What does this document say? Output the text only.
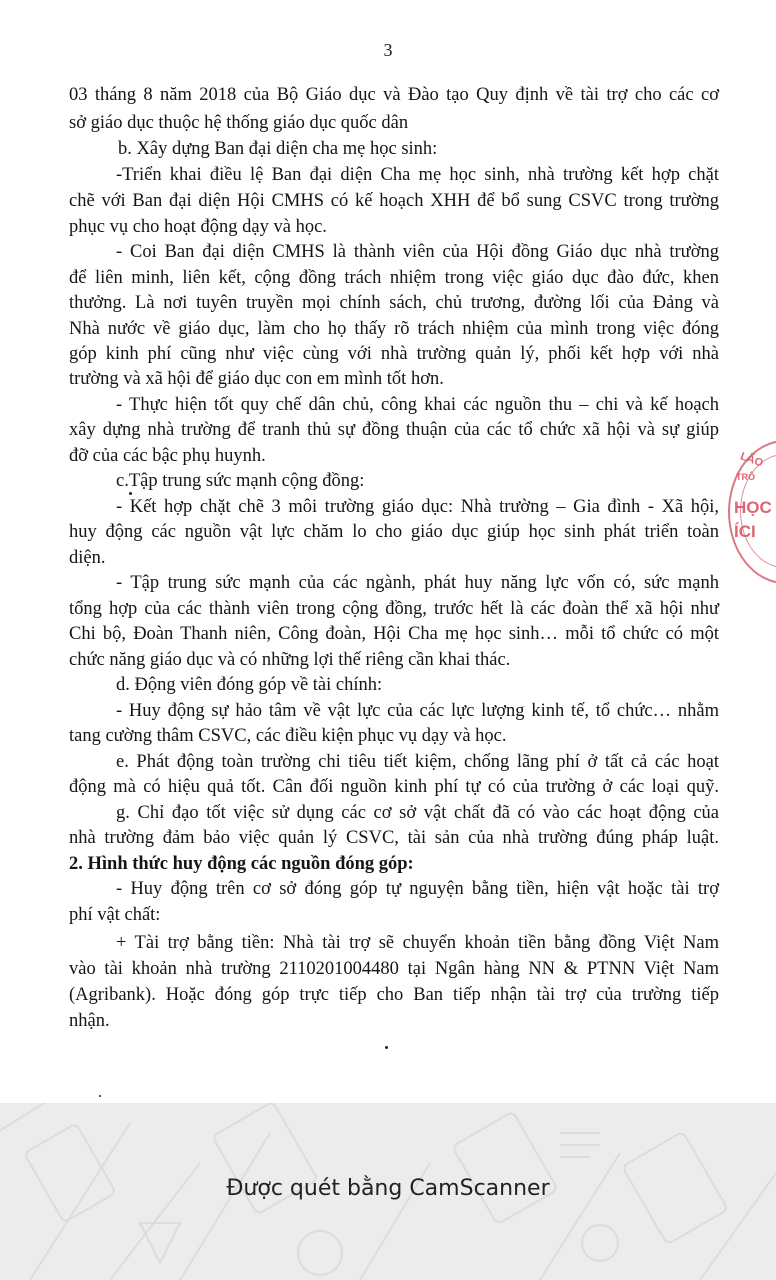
3
03 tháng 8 năm 2018 của Bộ Giáo dục và Đào tạo Quy định về tài trợ cho các cơ
sở giáo dục thuộc hệ thống giáo dục quốc dân
b. Xây dựng Ban đại diện cha mẹ học sinh:
-Triển khai điều lệ Ban đại diện Cha mẹ học sinh, nhà trường kết hợp chặt
chẽ với Ban đại diện Hội CMHS có kế hoạch XHH để bổ sung CSVC trong trường
phục vụ cho hoạt động dạy và học.
- Coi Ban đại diện CMHS là thành viên của Hội đồng Giáo dục nhà trường
để liên minh, liên kết, cộng đồng trách nhiệm trong việc giáo dục đào đức, khen
thưởng. Là nơi tuyên truyền mọi chính sách, chủ trương, đường lối của Đảng và
Nhà nước về giáo dục, làm cho họ thấy rõ trách nhiệm của mình trong việc đóng
góp kinh phí cũng như việc cùng với nhà trường quản lý, phối kết hợp với nhà
trường và xã hội để giáo dục con em mình tốt hơn.
- Thực hiện tốt quy chế dân chủ, công khai các nguồn thu – chi và kế hoạch
xây dựng nhà trường để tranh thủ sự đồng thuận của các tổ chức xã hội và sự giúp
đỡ của các bậc phụ huynh.
c.Tập trung sức mạnh cộng đồng:
- Kết hợp chặt chẽ 3 môi trường giáo dục: Nhà trường – Gia đình - Xã hội,
huy động các nguồn vật lực chăm lo cho giáo dục giúp học sinh phát triển toàn
diện.
- Tập trung sức mạnh của các ngành, phát huy năng lực vốn có, sức mạnh
tổng hợp của các thành viên trong cộng đồng, trước hết là các đoàn thể xã hội như
Chi bộ, Đoàn Thanh niên, Công đoàn, Hội Cha mẹ học sinh… mỗi tổ chức có một
chức năng giáo dục và có những lợi thế riêng cần khai thác.
d. Động viên đóng góp về tài chính:
- Huy động sự hảo tâm về vật lực của các lực lượng kinh tế, tổ chức… nhằm
tang cường thâm CSVC, các điều kiện phục vụ dạy và học.
e. Phát động toàn trường chi tiêu tiết kiệm, chống lãng phí ở tất cả các hoạt
động mà có hiệu quả tốt. Cân đối nguồn kinh phí tự có của trường ở các loại quỹ.
g. Chỉ đạo tốt việc sử dụng các cơ sở vật chất đã có vào các hoạt động của
nhà trường đảm bảo việc quản lý CSVC, tài sản của nhà trường đúng pháp luật.
2. Hình thức huy động các nguồn đóng góp:
- Huy động trên cơ sở đóng góp tự nguyện bằng tiền, hiện vật hoặc tài trợ
phí vật chất:
+ Tài trợ bằng tiền: Nhà tài trợ sẽ chuyển khoản tiền bằng đồng Việt Nam
vào tài khoản nhà trường 2110201004480 tại Ngân hàng NN & PTNN Việt Nam
(Agribank). Hoặc đóng góp trực tiếp cho Ban tiếp nhận tài trợ của trường tiếp
nhận.
LÃO
TRÔ
HỌC
ÍCI
Được quét bằng CamScanner
